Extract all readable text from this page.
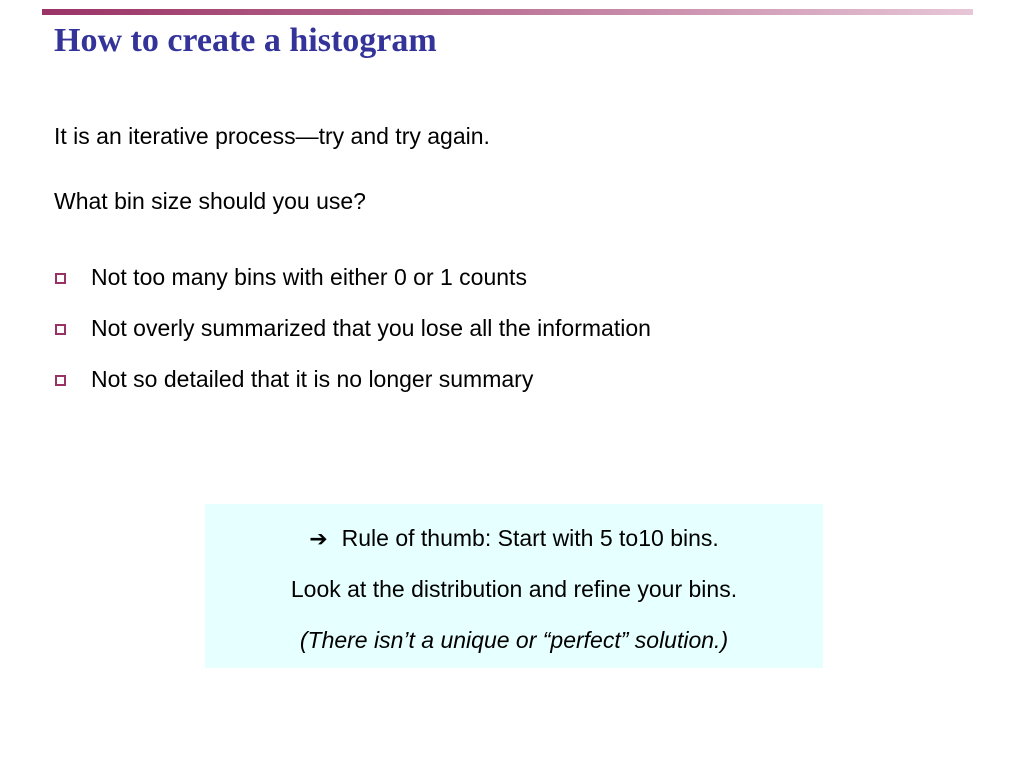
How to create a histogram

It is an iterative process—try and try again.

What bin size should you use?

Not too many bins with either 0 or 1 counts
Not overly summarized that you lose all the information
Not so detailed that it is no longer summary
➔ Rule of thumb: Start with 5 to10 bins.
Look at the distribution and refine your bins.
(There isn’t a unique or “perfect” solution.)
